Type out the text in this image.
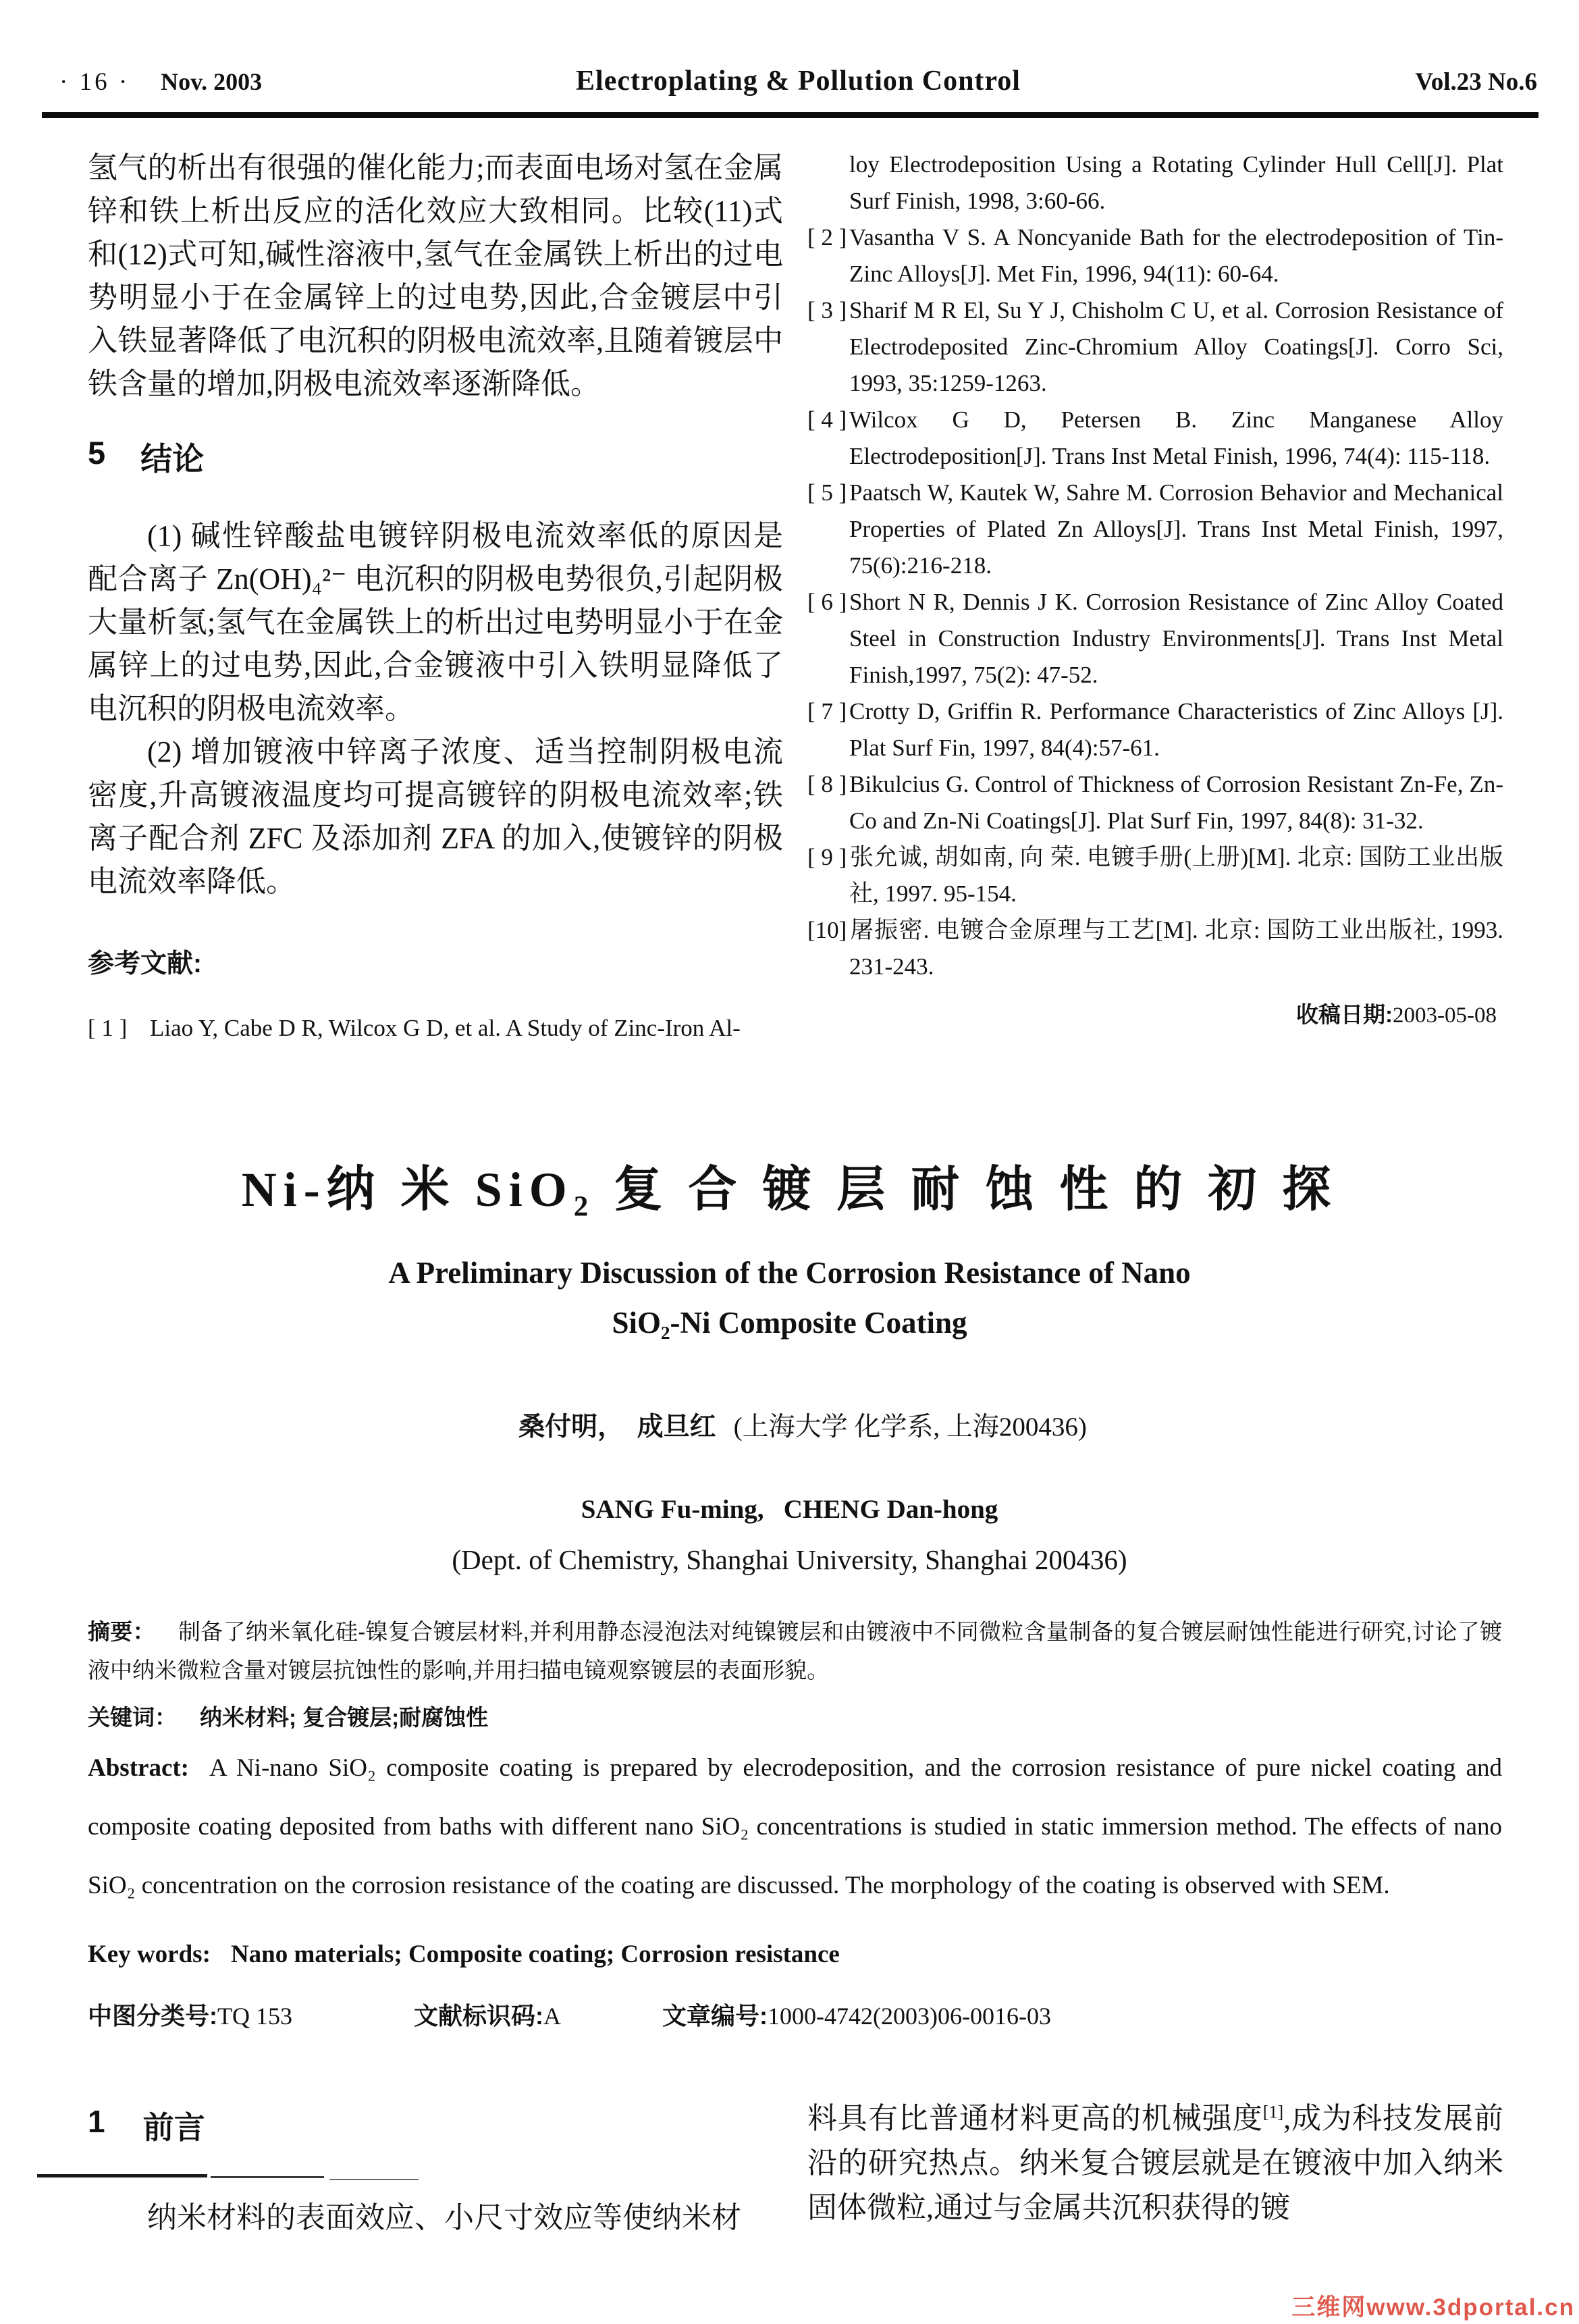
· 16 · Nov. 2003	Electroplating & Pollution Control	Vol.23 No.6

氢气的析出有很强的催化能力;而表面电场对氢在金属锌和铁上析出反应的活化效应大致相同。比较(11)式和(12)式可知,碱性溶液中,氢气在金属铁上析出的过电势明显小于在金属锌上的过电势,因此,合金镀层中引入铁显著降低了电沉积的阴极电流效率,且随着镀层中铁含量的增加,阴极电流效率逐渐降低。

5 结论

(1) 碱性锌酸盐电镀锌阴极电流效率低的原因是配合离子 Zn(OH)₄²⁻ 电沉积的阴极电势很负,引起阴极大量析氢;氢气在金属铁上的析出过电势明显小于在金属锌上的过电势,因此,合金镀液中引入铁明显降低了电沉积的阴极电流效率。

(2) 增加镀液中锌离子浓度、适当控制阴极电流密度,升高镀液温度均可提高镀锌的阴极电流效率;铁离子配合剂 ZFC 及添加剂 ZFA 的加入,使镀锌的阴极电流效率降低。

参考文献:

[ 1 ] Liao Y, Cabe D R, Wilcox G D, et al. A Study of Zinc-Iron Al-

loy Electrodeposition Using a Rotating Cylinder Hull Cell[J]. Plat Surf Finish, 1998, 3:60-66.

[ 2 ] Vasantha V S. A Noncyanide Bath for the electrodeposition of Tin-Zinc Alloys[J]. Met Fin, 1996, 94(11): 60-64.

[ 3 ] Sharif M R El, Su Y J, Chisholm C U, et al. Corrosion Resistance of Electrodeposited Zinc-Chromium Alloy Coatings[J]. Corro Sci, 1993, 35:1259-1263.

[ 4 ] Wilcox G D, Petersen B. Zinc Manganese Alloy Electrodeposition[J]. Trans Inst Metal Finish, 1996, 74(4): 115-118.

[ 5 ] Paatsch W, Kautek W, Sahre M. Corrosion Behavior and Mechanical Properties of Plated Zn Alloys[J]. Trans Inst Metal Finish, 1997, 75(6):216-218.

[ 6 ] Short N R, Dennis J K. Corrosion Resistance of Zinc Alloy Coated Steel in Construction Industry Environments[J]. Trans Inst Metal Finish,1997, 75(2): 47-52.

[ 7 ] Crotty D, Griffin R. Performance Characteristics of Zinc Alloys [J]. Plat Surf Fin, 1997, 84(4):57-61.

[ 8 ] Bikulcius G. Control of Thickness of Corrosion Resistant Zn-Fe, Zn-Co and Zn-Ni Coatings[J]. Plat Surf Fin, 1997, 84(8): 31-32.

[ 9 ] 张允诚, 胡如南, 向 荣. 电镀手册(上册)[M]. 北京: 国防工业出版社, 1997. 95-154.

[10] 屠振密. 电镀合金原理与工艺[M]. 北京: 国防工业出版社, 1993. 231-243.

收稿日期:2003-05-08
Ni-纳 米 SiO₂ 复 合 镀 层 耐 蚀 性 的 初 探
A Preliminary Discussion of the Corrosion Resistance of Nano
SiO₂-Ni Composite Coating

桑付明，  成旦红 (上海大学 化学系, 上海200436)

SANG Fu-ming,   CHENG Dan-hong
(Dept. of Chemistry, Shanghai University, Shanghai 200436)

摘要： 制备了纳米氧化硅-镍复合镀层材料,并利用静态浸泡法对纯镍镀层和由镀液中不同微粒含量制备的复合镀层耐蚀性能进行研究,讨论了镀液中纳米微粒含量对镀层抗蚀性的影响,并用扫描电镜观察镀层的表面形貌。

关键词： 纳米材料; 复合镀层;耐腐蚀性

Abstract: A Ni-nano SiO₂ composite coating is prepared by elecrodeposition, and the corrosion resistance of pure nickel coating and composite coating deposited from baths with different nano SiO₂ concentrations is studied in static immersion method. The effects of nano SiO₂ concentration on the corrosion resistance of the coating are discussed. The morphology of the coating is observed with SEM.

Key words: Nano materials; Composite coating; Corrosion resistance
中图分类号:TQ 153	文献标识码:A	文章编号:1000-4742(2003)06-0016-03
1 前言

纳米材料的表面效应、小尺寸效应等使纳米材

料具有比普通材料更高的机械强度[1],成为科技发展前沿的研究热点。纳米复合镀层就是在镀液中加入纳米固体微粒,通过与金属共沉积获得的镀

三维网www.3dportal.cn
